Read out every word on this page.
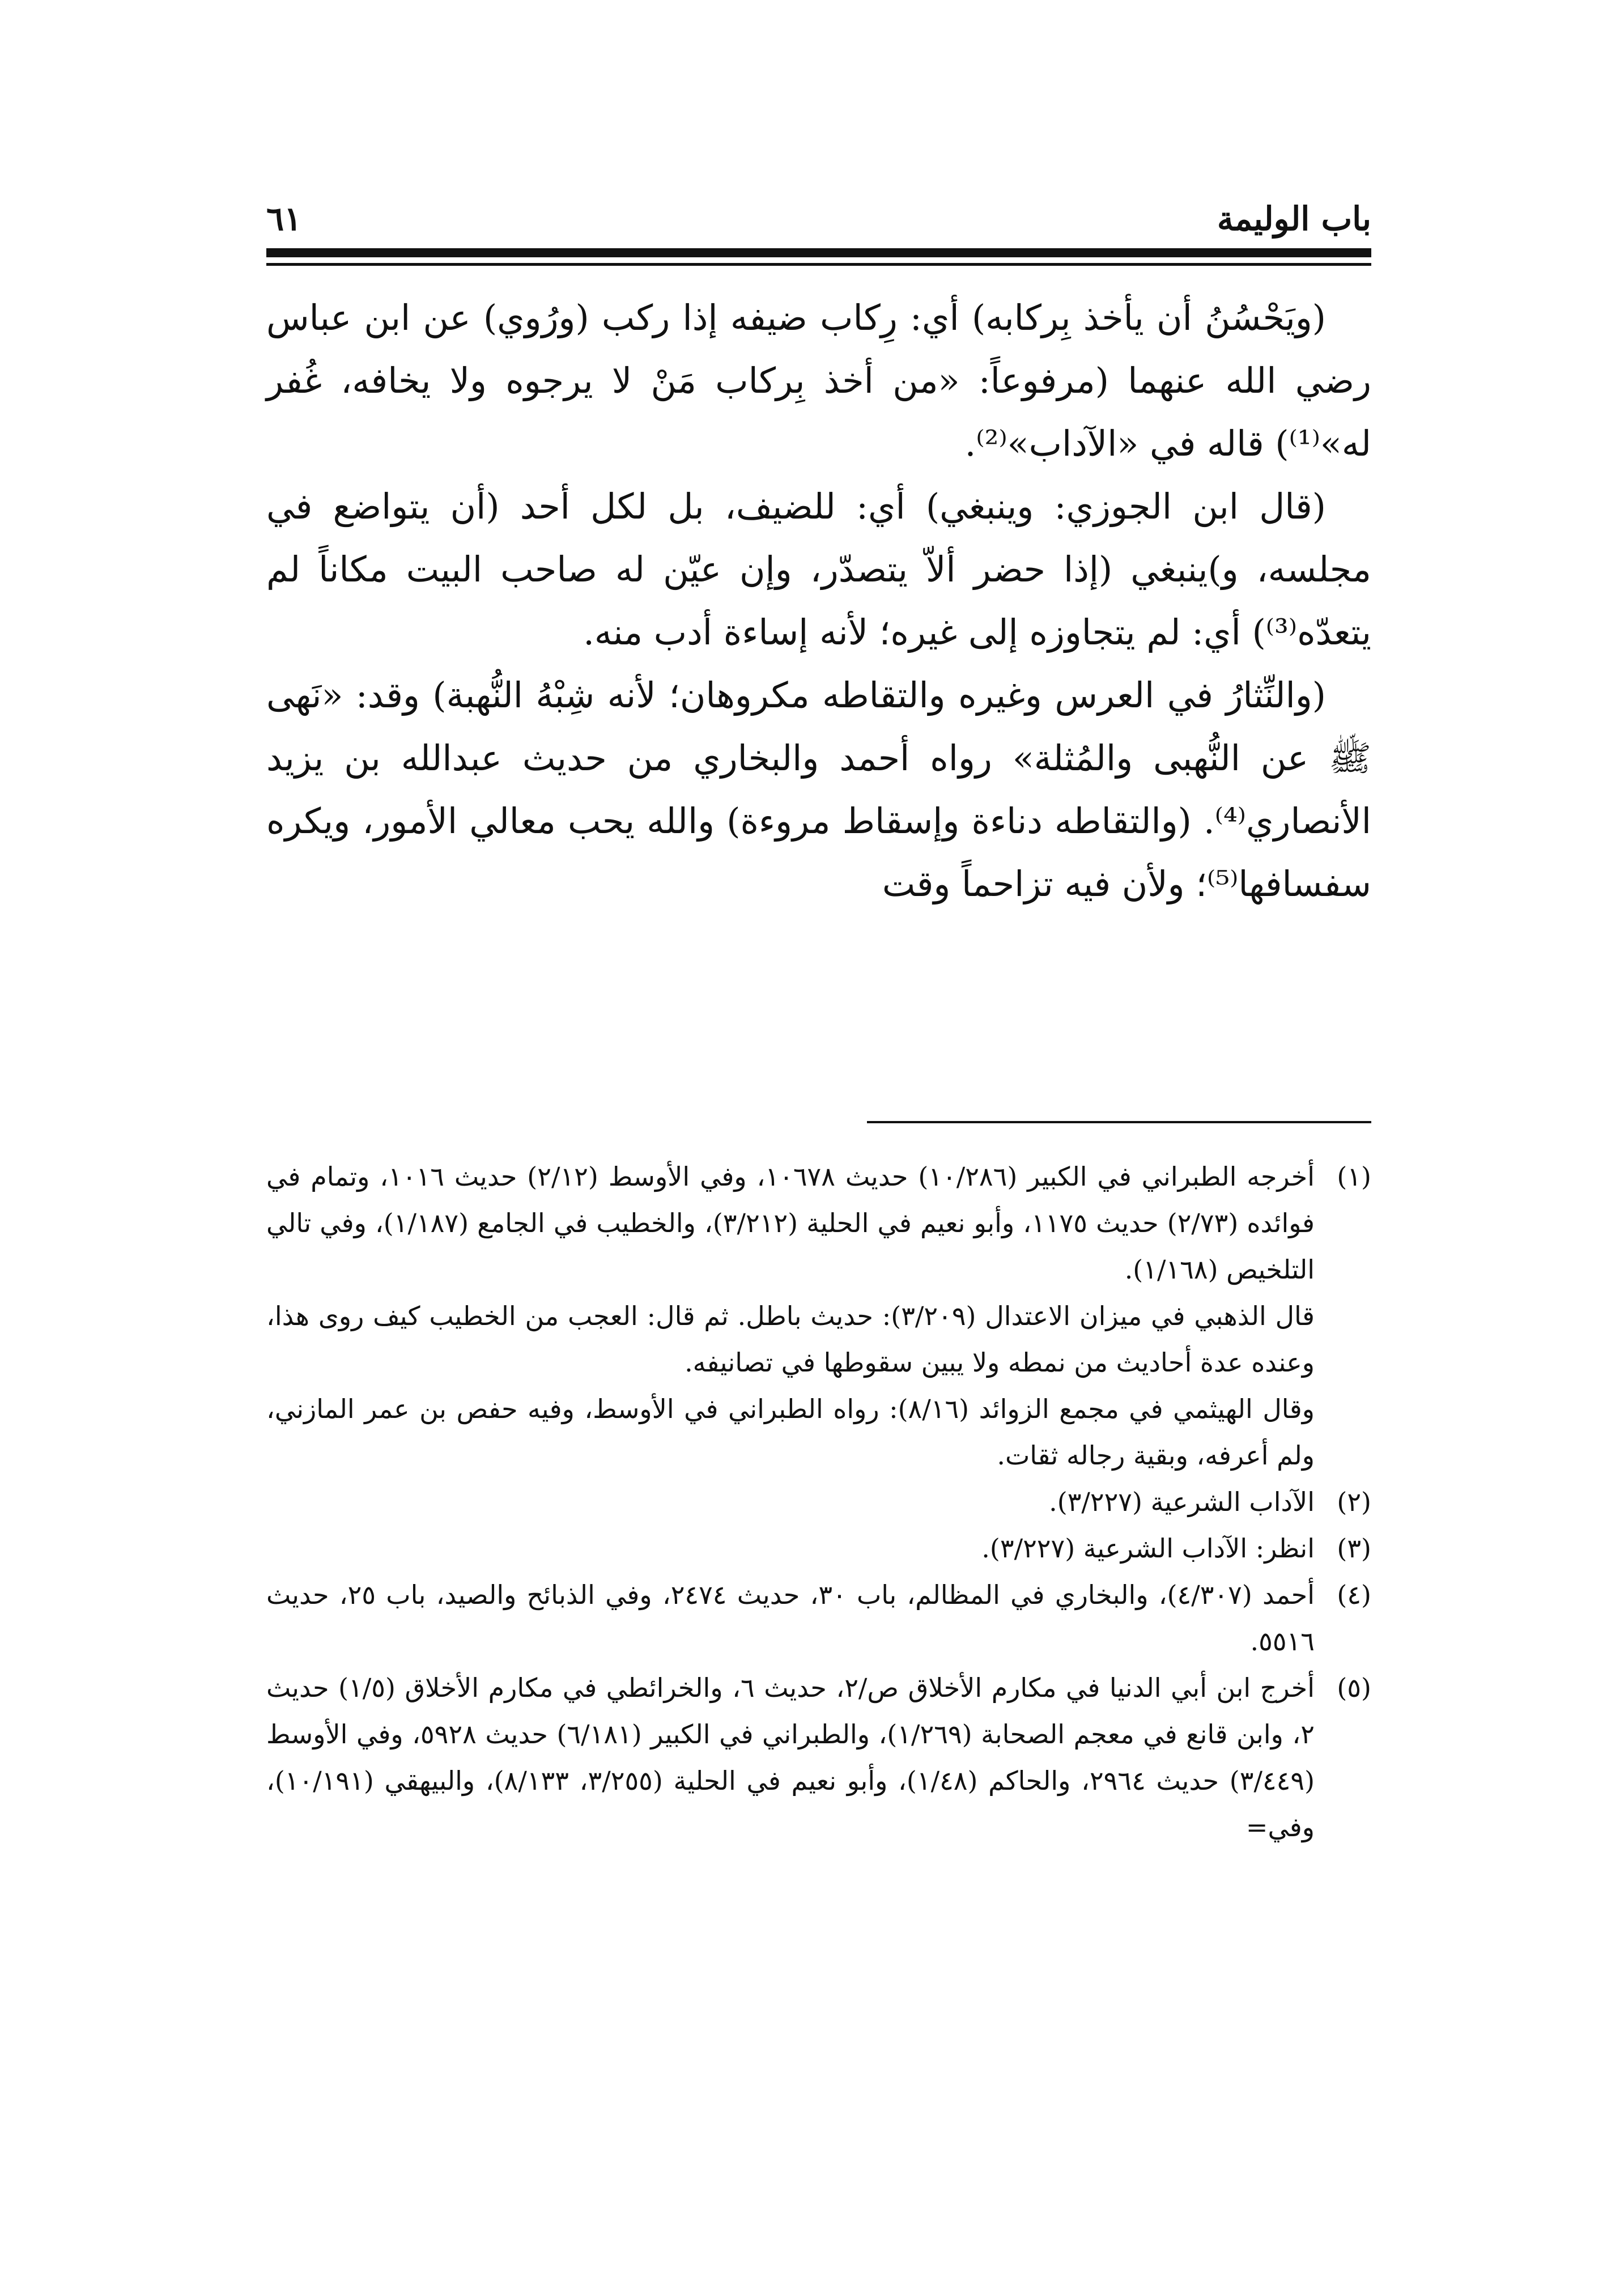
٦١	باب الوليمة

(ويَحْسُنُ أن يأخذ بِركابه) أي: رِكاب ضيفه إذا ركب (ورُوي) عن ابن عباس رضي الله عنهما (مرفوعاً: «من أخذ بِركاب مَنْ لا يرجوه ولا يخافه، غُفر له»⁽¹⁾) قاله في «الآداب»⁽²⁾.

(قال ابن الجوزي: وينبغي) أي: للضيف، بل لكل أحد (أن يتواضع في مجلسه، و)ينبغي (إذا حضر ألاّ يتصدّر، وإن عيّن له صاحب البيت مكاناً لم يتعدّه⁽³⁾) أي: لم يتجاوزه إلى غيره؛ لأنه إساءة أدب منه.

(والنِّثارُ في العرس وغيره والتقاطه مكروهان؛ لأنه شِبْهُ النُّهبة) وقد: «نَهى ﷺ عن النُّهبى والمُثلة» رواه أحمد والبخاري من حديث عبدالله بن يزيد الأنصاري⁽⁴⁾. (والتقاطه دناءة وإسقاط مروءة) والله يحب معالي الأمور، ويكره سفسافها⁽⁵⁾؛ ولأن فيه تزاحماً وقت

(١)

أخرجه الطبراني في الكبير (١٠/٢٨٦) حديث ١٠٦٧٨، وفي الأوسط (٢/١٢) حديث ١٠١٦، وتمام في فوائده (٢/٧٣) حديث ١١٧٥، وأبو نعيم في الحلية (٣/٢١٢)، والخطيب في الجامع (١/١٨٧)، وفي تالي التلخيص (١/١٦٨).

قال الذهبي في ميزان الاعتدال (٣/٢٠٩): حديث باطل. ثم قال: العجب من الخطيب كيف روى هذا، وعنده عدة أحاديث من نمطه ولا يبين سقوطها في تصانيفه.

وقال الهيثمي في مجمع الزوائد (٨/١٦): رواه الطبراني في الأوسط، وفيه حفص بن عمر المازني، ولم أعرفه، وبقية رجاله ثقات.

(٢)

الآداب الشرعية (٣/٢٢٧).

(٣)

انظر: الآداب الشرعية (٣/٢٢٧).

(٤)

أحمد (٤/٣٠٧)، والبخاري في المظالم، باب ٣٠، حديث ٢٤٧٤، وفي الذبائح والصيد، باب ٢٥، حديث ٥٥١٦.

(٥)

أخرج ابن أبي الدنيا في مكارم الأخلاق ص/٢، حديث ٦، والخرائطي في مكارم الأخلاق (١/٥) حديث ٢، وابن قانع في معجم الصحابة (١/٢٦٩)، والطبراني في الكبير (٦/١٨١) حديث ٥٩٢٨، وفي الأوسط (٣/٤٤٩) حديث ٢٩٦٤، والحاكم (١/٤٨)، وأبو نعيم في الحلية (٣/٢٥٥، ٨/١٣٣)، والبيهقي (١٠/١٩١)، وفي=
